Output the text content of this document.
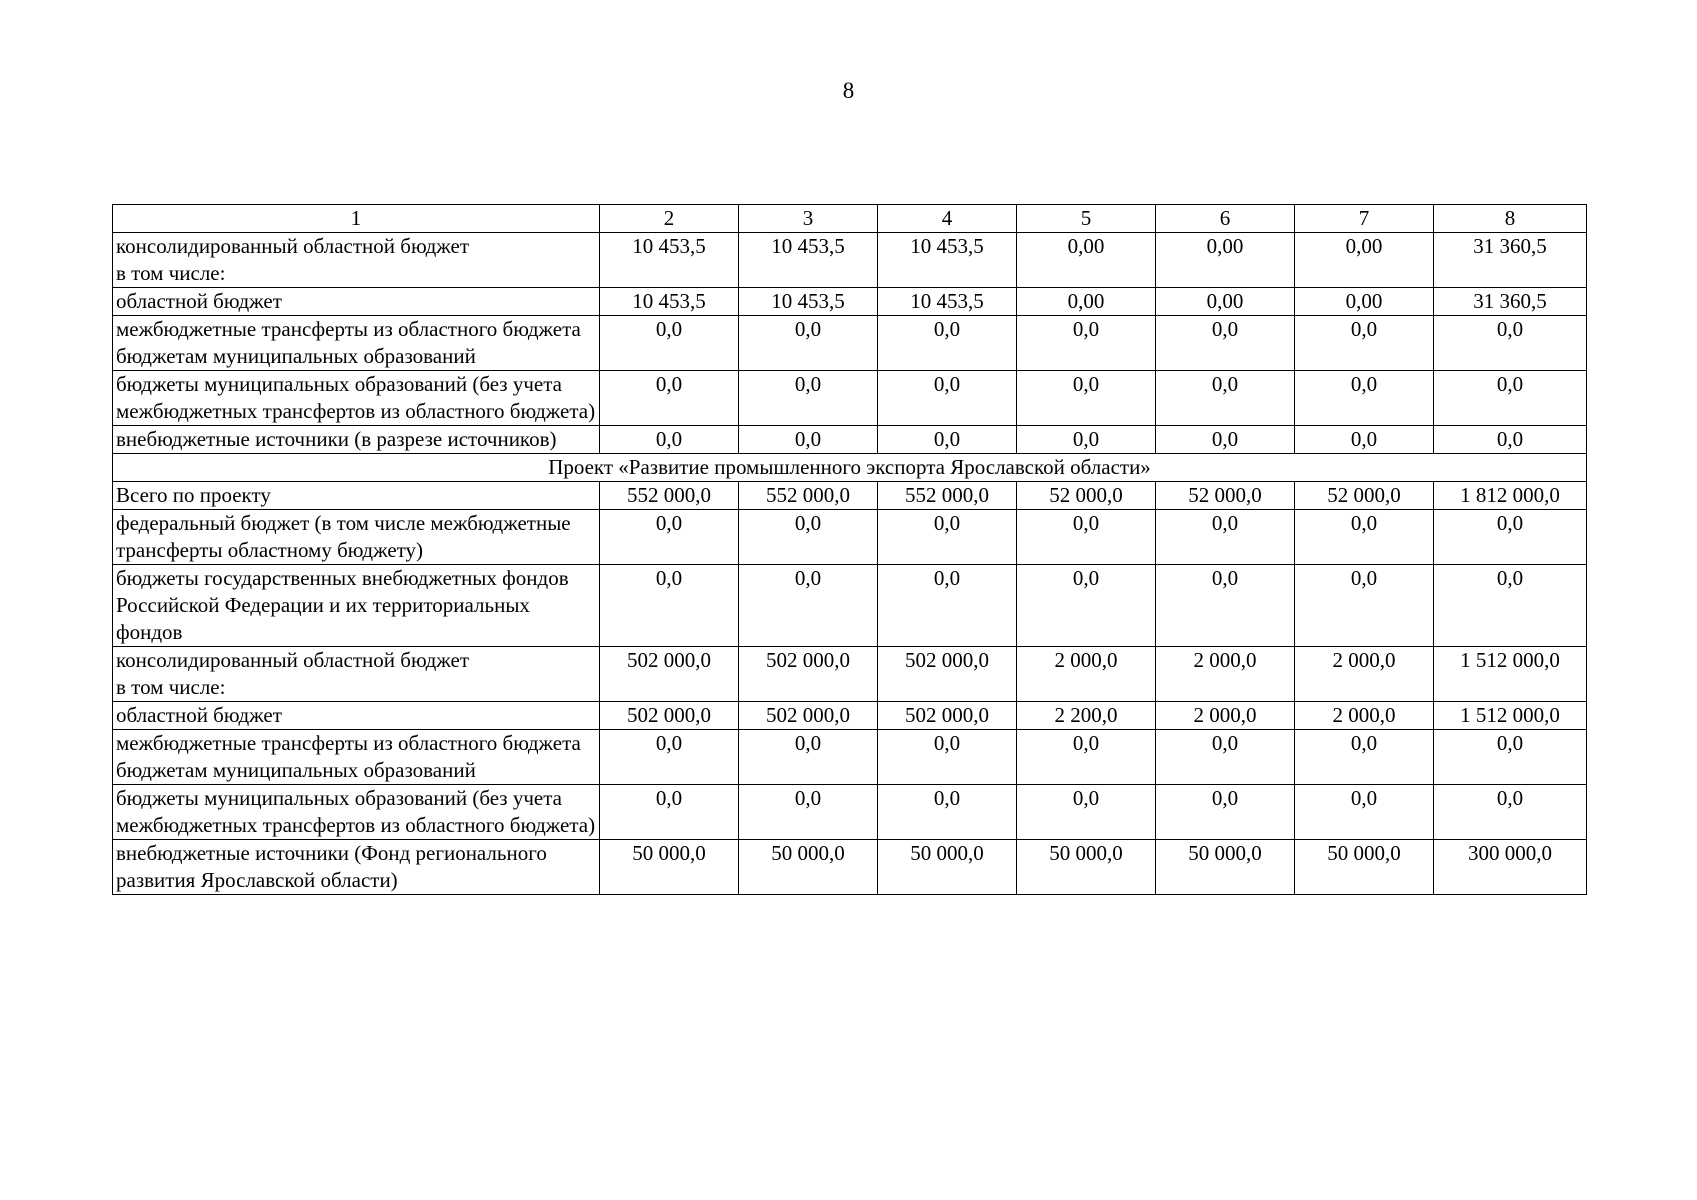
8
1	2	3	4	5	6	7	8
консолидированный областной бюджет
в том числе:	10 453,5	10 453,5	10 453,5	0,00	0,00	0,00	31 360,5
областной бюджет	10 453,5	10 453,5	10 453,5	0,00	0,00	0,00	31 360,5
межбюджетные трансферты из областного бюджета бюджетам муниципальных образований	0,0	0,0	0,0	0,0	0,0	0,0	0,0
бюджеты муниципальных образований (без учета межбюджетных трансфертов из областного бюджета)	0,0	0,0	0,0	0,0	0,0	0,0	0,0
внебюджетные источники (в разрезе источников)	0,0	0,0	0,0	0,0	0,0	0,0	0,0
Проект «Развитие промышленного экспорта Ярославской области»							
Всего по проекту	552 000,0	552 000,0	552 000,0	52 000,0	52 000,0	52 000,0	1 812 000,0
федеральный бюджет (в том числе межбюджетные трансферты областному бюджету)	0,0	0,0	0,0	0,0	0,0	0,0	0,0
бюджеты государственных внебюджетных фондов Российской Федерации и их территориальных фондов	0,0	0,0	0,0	0,0	0,0	0,0	0,0
консолидированный областной бюджет
в том числе:	502 000,0	502 000,0	502 000,0	2 000,0	2 000,0	2 000,0	1 512 000,0
областной бюджет	502 000,0	502 000,0	502 000,0	2 200,0	2 000,0	2 000,0	1 512 000,0
межбюджетные трансферты из областного бюджета бюджетам муниципальных образований	0,0	0,0	0,0	0,0	0,0	0,0	0,0
бюджеты муниципальных образований (без учета межбюджетных трансфертов из областного бюджета)	0,0	0,0	0,0	0,0	0,0	0,0	0,0
внебюджетные источники (Фонд регионального развития Ярославской области)	50 000,0	50 000,0	50 000,0	50 000,0	50 000,0	50 000,0	300 000,0
